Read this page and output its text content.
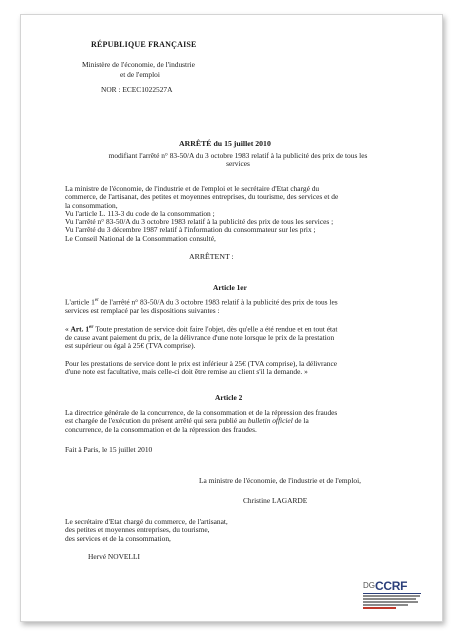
RÉPUBLIQUE FRANÇAISE
Ministère de l'économie, de l'industrie
et de l'emploi
NOR : ECEC1022527A
ARRÊTÉ du 15 juillet 2010
modifiant l'arrêté n° 83-50/A du 3 octobre 1983 relatif à la publicité des prix de tous les
services
La ministre de l'économie, de l'industrie et de l'emploi et le secrétaire d'Etat chargé du
commerce, de l'artisanat, des petites et moyennes entreprises, du tourisme, des services et de
la consommation,
Vu l'article L. 113-3 du code de la consommation ;
Vu l'arrêté n° 83-50/A du 3 octobre 1983 relatif à la publicité des prix de tous les services ;
Vu l'arrêté du 3 décembre 1987 relatif à l'information du consommateur sur les prix ;
Le Conseil National de la Consommation consulté,
ARRÊTENT :
Article 1er
L'article 1er de l'arrêté n° 83-50/A du 3 octobre 1983 relatif à la publicité des prix de tous les
services est remplacé par les dispositions suivantes :
« Art. 1er Toute prestation de service doit faire l'objet, dès qu'elle a été rendue et en tout état
de cause avant paiement du prix, de la délivrance d'une note lorsque le prix de la prestation
est supérieur ou égal à 25€ (TVA comprise).
Pour les prestations de service dont le prix est inférieur à 25€ (TVA comprise), la délivrance
d'une note est facultative, mais celle-ci doit être remise au client s'il la demande. »
Article 2
La directrice générale de la concurrence, de la consommation et de la répression des fraudes
est chargée de l'exécution du présent arrêté qui sera publié au bulletin officiel de la
concurrence, de la consommation et de la répression des fraudes.
Fait à Paris, le 15 juillet 2010
La ministre de l'économie, de l'industrie et de l'emploi,
Christine LAGARDE
Le secrétaire d'Etat chargé du commerce, de l'artisanat,
des petites et moyennes entreprises, du tourisme,
des services et de la consommation,
Hervé NOVELLI
DG CCRF
